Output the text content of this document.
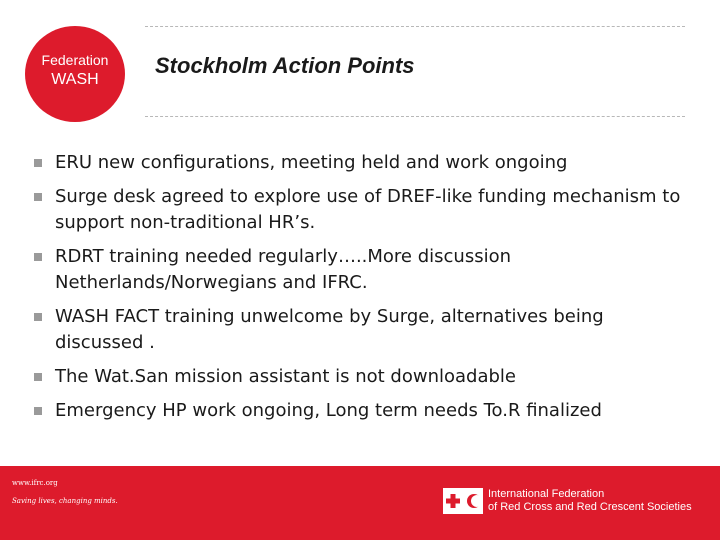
Federation
WASH
Stockholm Action Points
ERU new configurations, meeting held and work ongoing
Surge desk agreed to explore use of DREF-like funding mechanism to support non-traditional HR’s.
RDRT training needed regularly…..More discussion Netherlands/Norwegians and IFRC.
WASH FACT training unwelcome by Surge, alternatives being discussed .
The Wat.San mission assistant is not downloadable
Emergency HP work ongoing, Long term needs To.R finalized
www.ifrc.org
Saving lives, changing minds.
International Federation
of Red Cross and Red Crescent Societies
